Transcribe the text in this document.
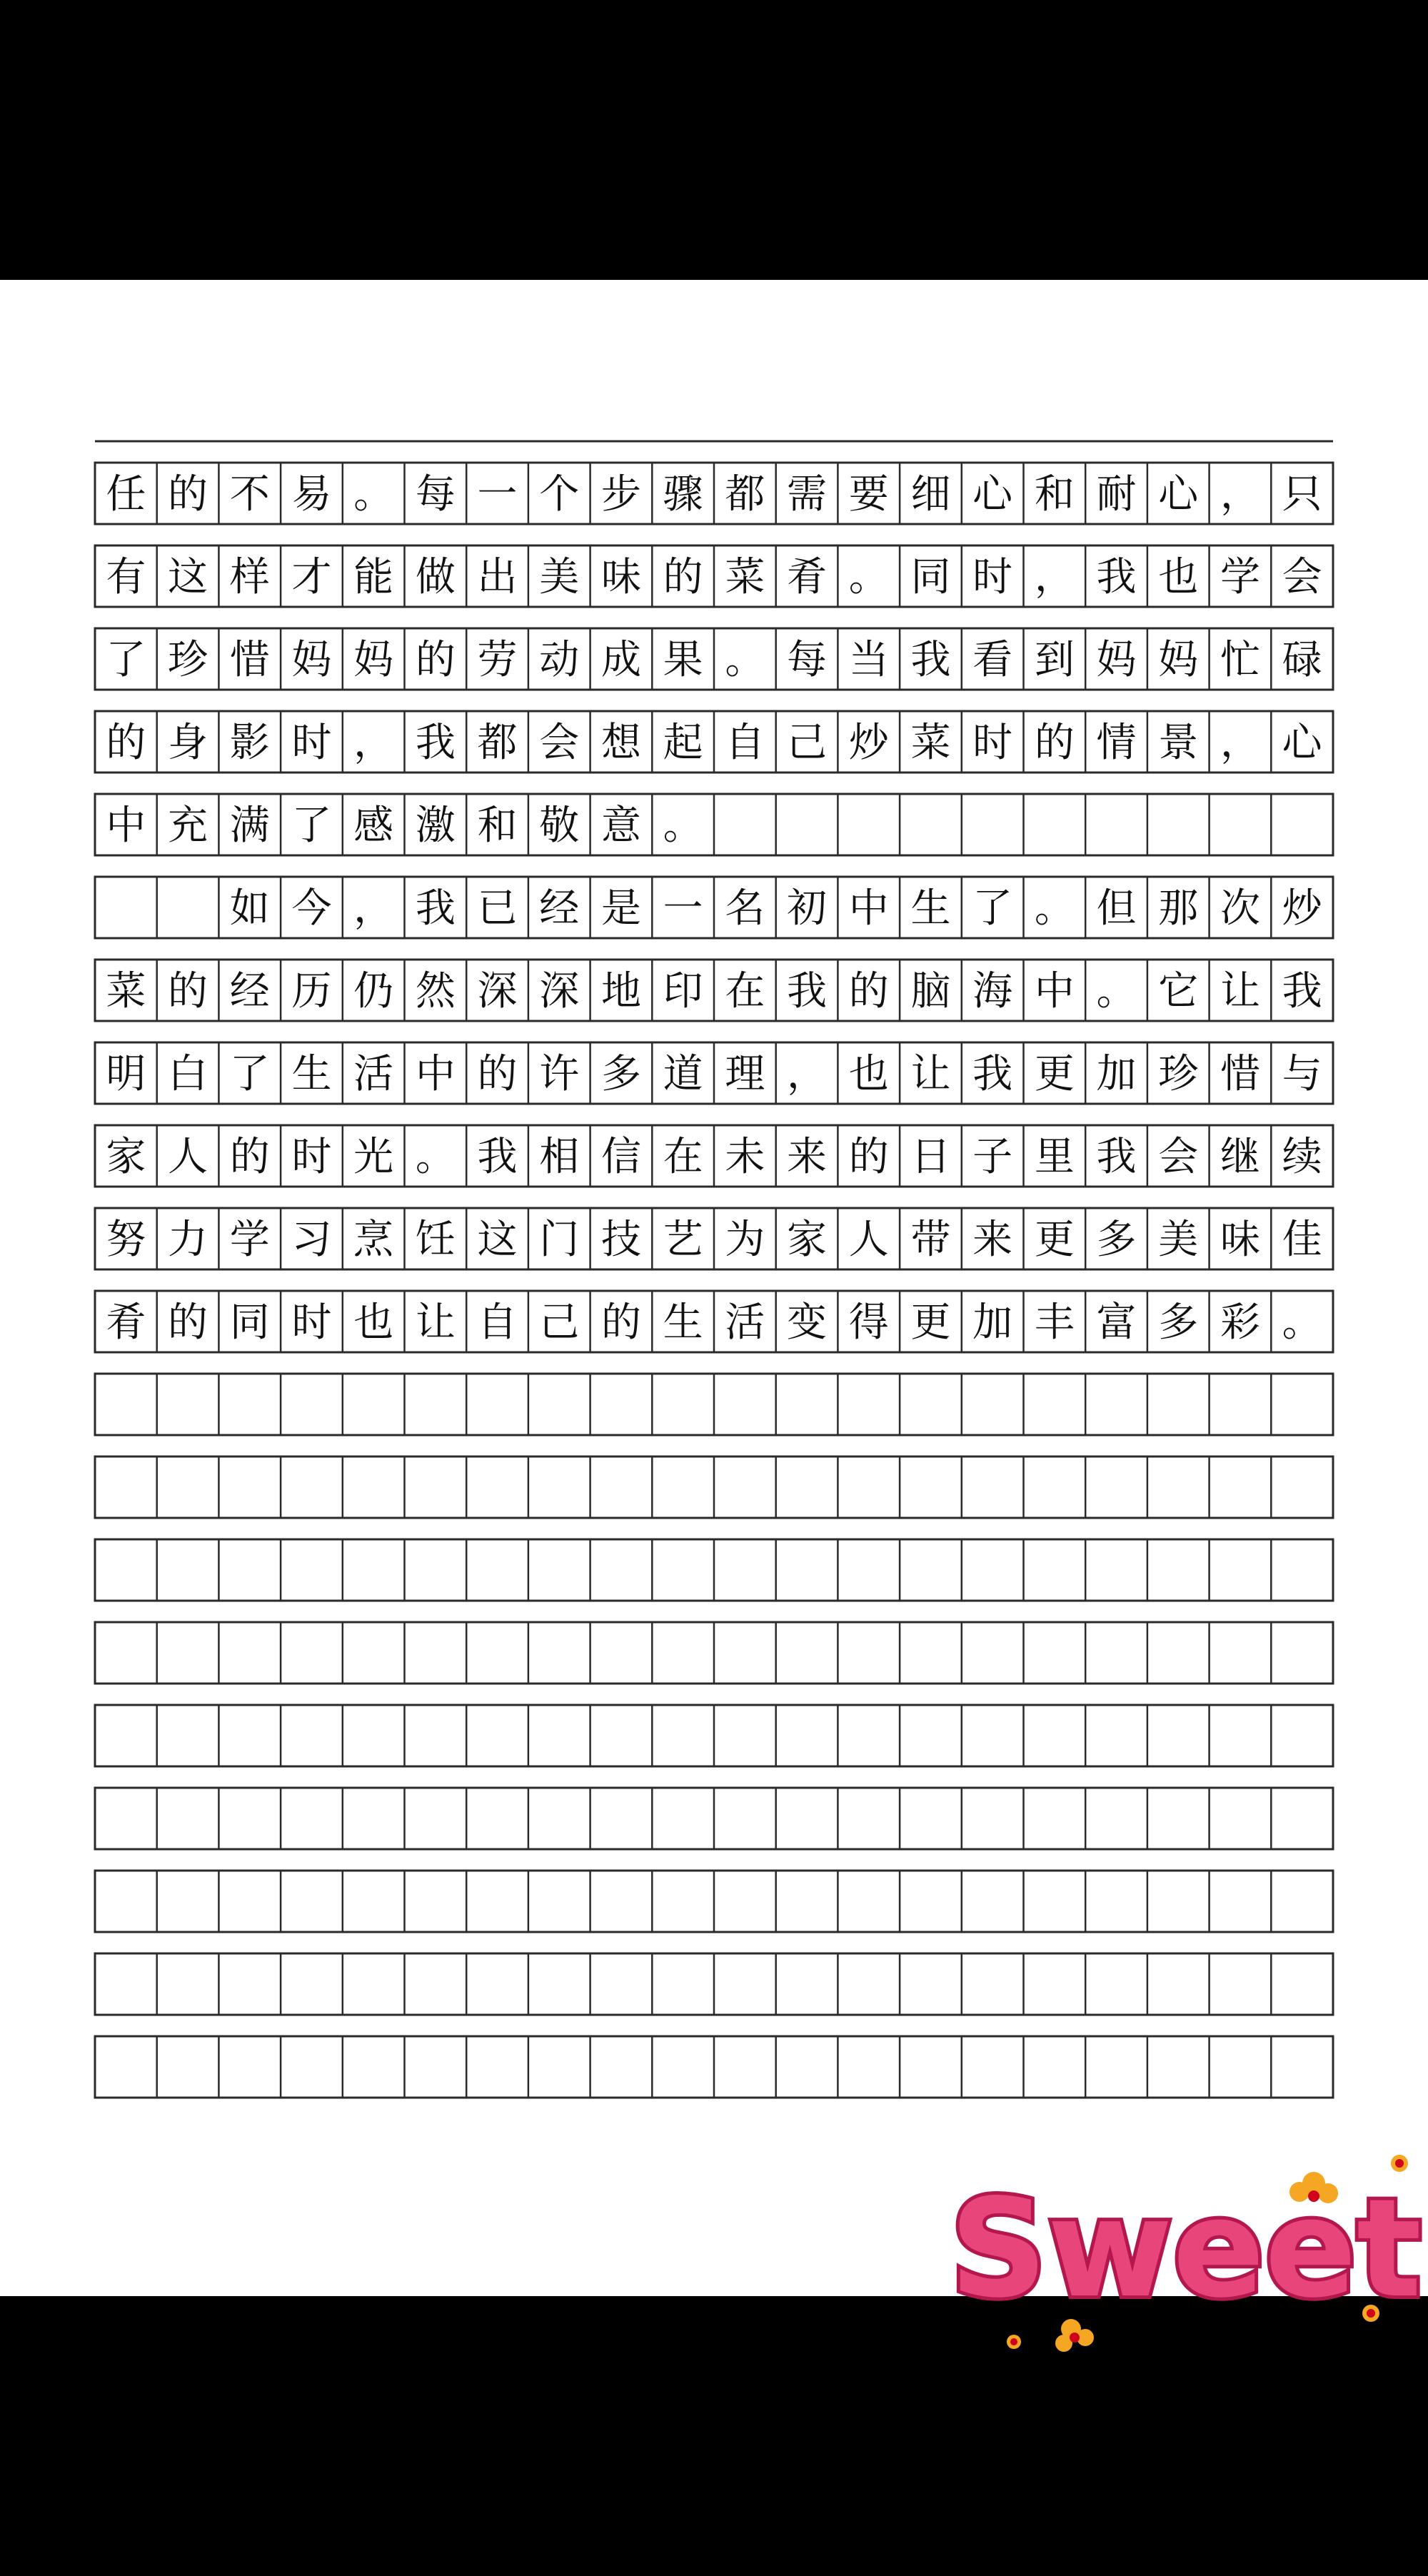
任 的 不 易 。 每 一 个 步 骤 都 需 要 细 心 和 耐 心 ， 只
有 这 样 才 能 做 出 美 味 的 菜 肴 。 同 时 ， 我 也 学 会
了 珍 惜 妈 妈 的 劳 动 成 果 。 每 当 我 看 到 妈 妈 忙 碌
的 身 影 时 ， 我 都 会 想 起 自 己 炒 菜 时 的 情 景 ， 心
中 充 满 了 感 激 和 敬 意 。
如 今 ， 我 已 经 是 一 名 初 中 生 了 。 但 那 次 炒
菜 的 经 历 仍 然 深 深 地 印 在 我 的 脑 海 中 。 它 让 我
明 白 了 生 活 中 的 许 多 道 理 ， 也 让 我 更 加 珍 惜 与
家 人 的 时 光 。 我 相 信 在 未 来 的 日 子 里 我 会 继 续
努 力 学 习 烹 饪 这 门 技 艺 为 家 人 带 来 更 多 美 味 佳
肴 的 同 时 也 让 自 己 的 生 活 变 得 更 加 丰 富 多 彩 。
Sweet
